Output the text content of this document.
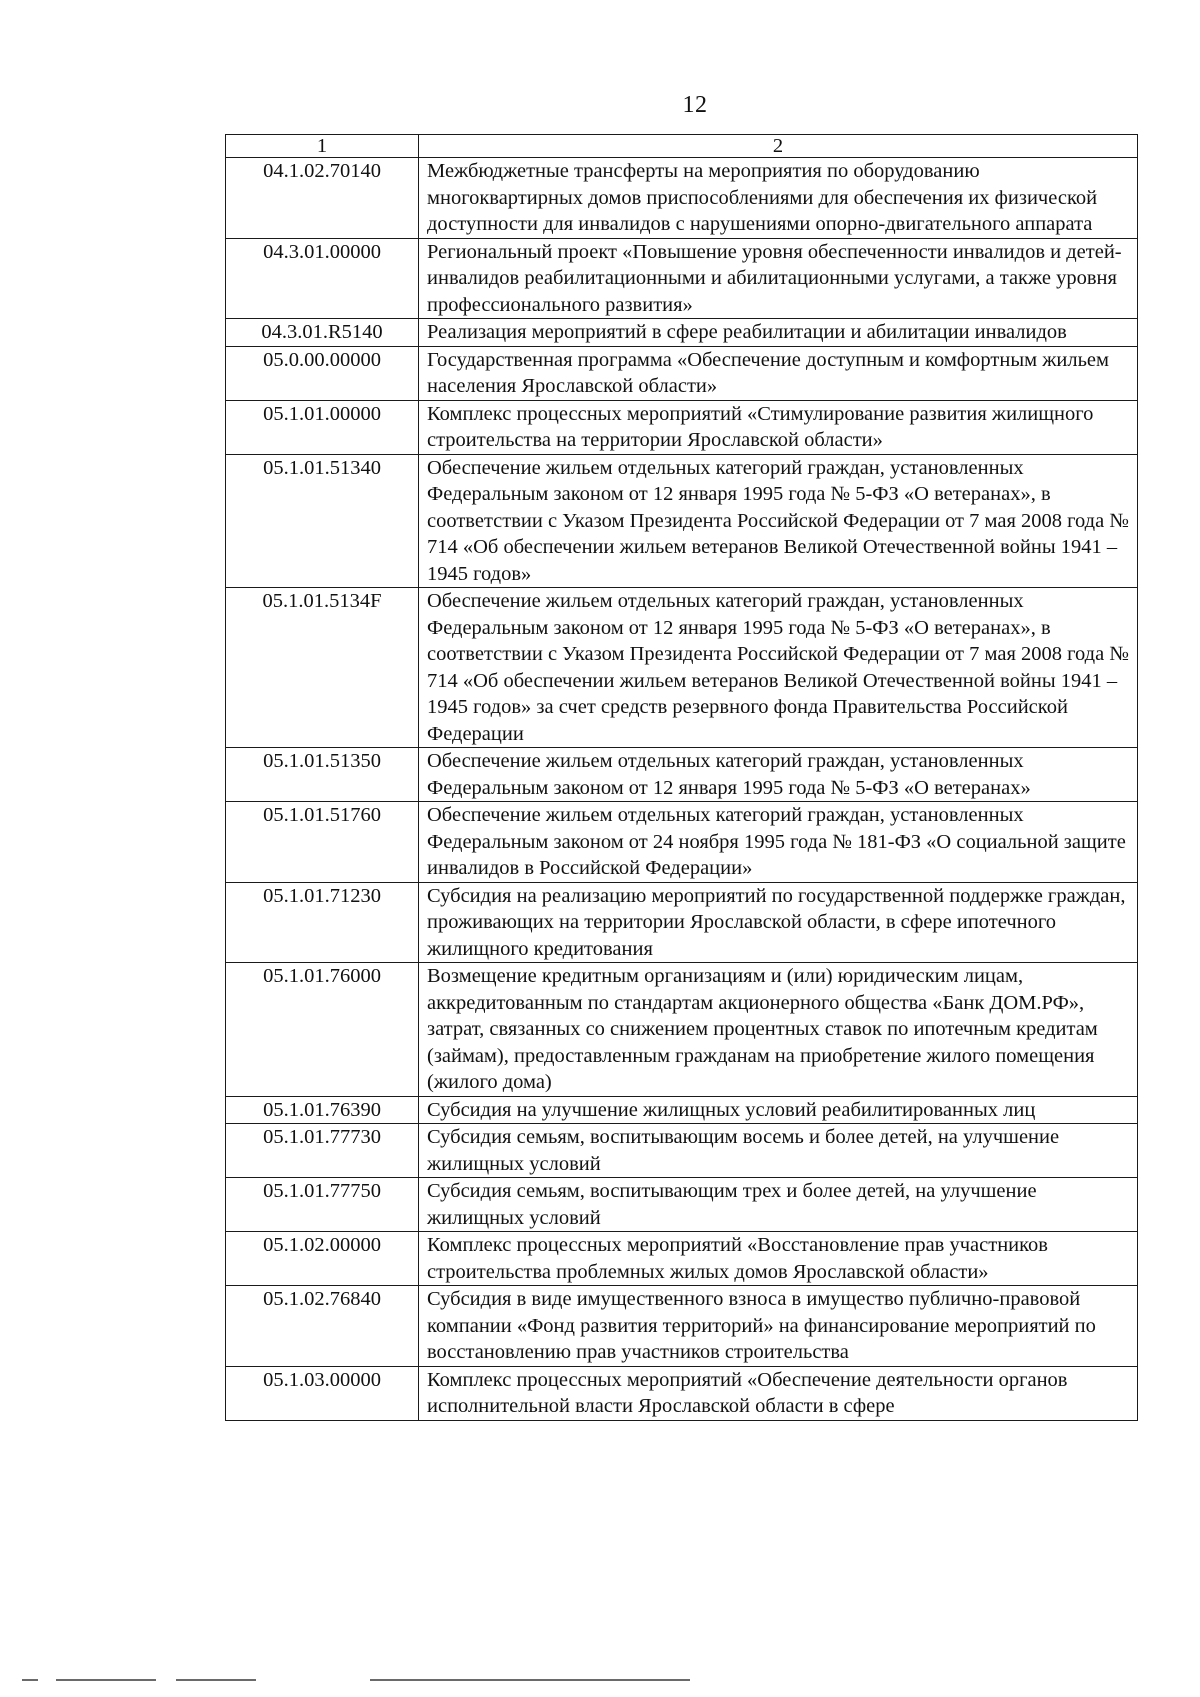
12
1	2
04.1.02.70140	Межбюджетные трансферты на мероприятия по оборудованию многоквартирных домов приспособлениями для обеспечения их физической доступности для инвалидов с нарушениями опорно-двигательного аппарата
04.3.01.00000	Региональный проект «Повышение уровня обеспеченности инвалидов и детей-инвалидов реабилитационными и абилитационными услугами, а также уровня профессионального развития»
04.3.01.R5140	Реализация мероприятий в сфере реабилитации и абилитации инвалидов
05.0.00.00000	Государственная программа «Обеспечение доступным и комфортным жильем населения Ярославской области»
05.1.01.00000	Комплекс процессных мероприятий «Стимулирование развития жилищного строительства на территории Ярославской области»
05.1.01.51340	Обеспечение жильем отдельных категорий граждан, установленных Федеральным законом от 12 января 1995 года № 5-ФЗ «О ветеранах», в соответствии с Указом Президента Российской Федерации от 7 мая 2008 года № 714 «Об обеспечении жильем ветеранов Великой Отечественной войны 1941 – 1945 годов»
05.1.01.5134F	Обеспечение жильем отдельных категорий граждан, установленных Федеральным законом от 12 января 1995 года № 5-ФЗ «О ветеранах», в соответствии с Указом Президента Российской Федерации от 7 мая 2008 года № 714 «Об обеспечении жильем ветеранов Великой Отечественной войны 1941 – 1945 годов» за счет средств резервного фонда Правительства Российской Федерации
05.1.01.51350	Обеспечение жильем отдельных категорий граждан, установленных Федеральным законом от 12 января 1995 года № 5-ФЗ «О ветеранах»
05.1.01.51760	Обеспечение жильем отдельных категорий граждан, установленных Федеральным законом от 24 ноября 1995 года № 181-ФЗ «О социальной защите инвалидов в Российской Федерации»
05.1.01.71230	Субсидия на реализацию мероприятий по государственной поддержке граждан, проживающих на территории Ярославской области, в сфере ипотечного жилищного кредитования
05.1.01.76000	Возмещение кредитным организациям и (или) юридическим лицам, аккредитованным по стандартам акционерного общества «Банк ДОМ.РФ», затрат, связанных со снижением процентных ставок по ипотечным кредитам (займам), предоставленным гражданам на приобретение жилого помещения (жилого дома)
05.1.01.76390	Субсидия на улучшение жилищных условий реабилитированных лиц
05.1.01.77730	Субсидия семьям, воспитывающим восемь и более детей, на улучшение жилищных условий
05.1.01.77750	Субсидия семьям, воспитывающим трех и более детей, на улучшение жилищных условий
05.1.02.00000	Комплекс процессных мероприятий «Восстановление прав участников строительства проблемных жилых домов Ярославской области»
05.1.02.76840	Субсидия в виде имущественного взноса в имущество публично-правовой компании «Фонд развития территорий» на финансирование мероприятий по восстановлению прав участников строительства
05.1.03.00000	Комплекс процессных мероприятий «Обеспечение деятельности органов исполнительной власти Ярославской области в сфере
